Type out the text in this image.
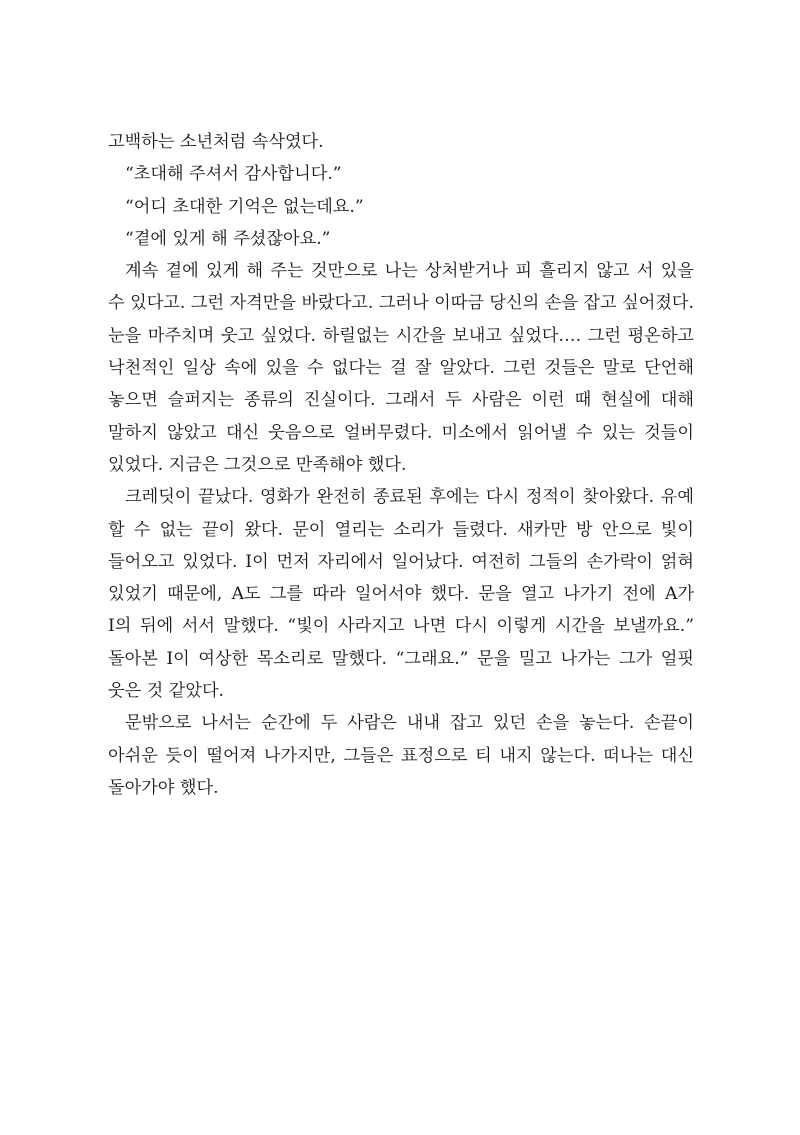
고백하는 소년처럼 속삭였다.
“초대해 주셔서 감사합니다.”
“어디 초대한 기억은 없는데요.”
“곁에 있게 해 주셨잖아요.”
계속 곁에 있게 해 주는 것만으로 나는 상처받거나 피 흘리지 않고 서 있을
수 있다고. 그런 자격만을 바랐다고. 그러나 이따금 당신의 손을 잡고 싶어졌다.
눈을 마주치며 웃고 싶었다. 하릴없는 시간을 보내고 싶었다…. 그런 평온하고
낙천적인 일상 속에 있을 수 없다는 걸 잘 알았다. 그런 것들은 말로 단언해
놓으면 슬퍼지는 종류의 진실이다. 그래서 두 사람은 이런 때 현실에 대해
말하지 않았고 대신 웃음으로 얼버무렸다. 미소에서 읽어낼 수 있는 것들이
있었다. 지금은 그것으로 만족해야 했다.
크레딧이 끝났다. 영화가 완전히 종료된 후에는 다시 정적이 찾아왔다. 유예
할 수 없는 끝이 왔다. 문이 열리는 소리가 들렸다. 새카만 방 안으로 빛이
들어오고 있었다. I이 먼저 자리에서 일어났다. 여전히 그들의 손가락이 얽혀
있었기 때문에, A도 그를 따라 일어서야 했다. 문을 열고 나가기 전에 A가
I의 뒤에 서서 말했다. “빛이 사라지고 나면 다시 이렇게 시간을 보낼까요.”
돌아본 I이 여상한 목소리로 말했다. “그래요.” 문을 밀고 나가는 그가 얼핏
웃은 것 같았다.
문밖으로 나서는 순간에 두 사람은 내내 잡고 있던 손을 놓는다. 손끝이
아쉬운 듯이 떨어져 나가지만, 그들은 표정으로 티 내지 않는다. 떠나는 대신
돌아가야 했다.
